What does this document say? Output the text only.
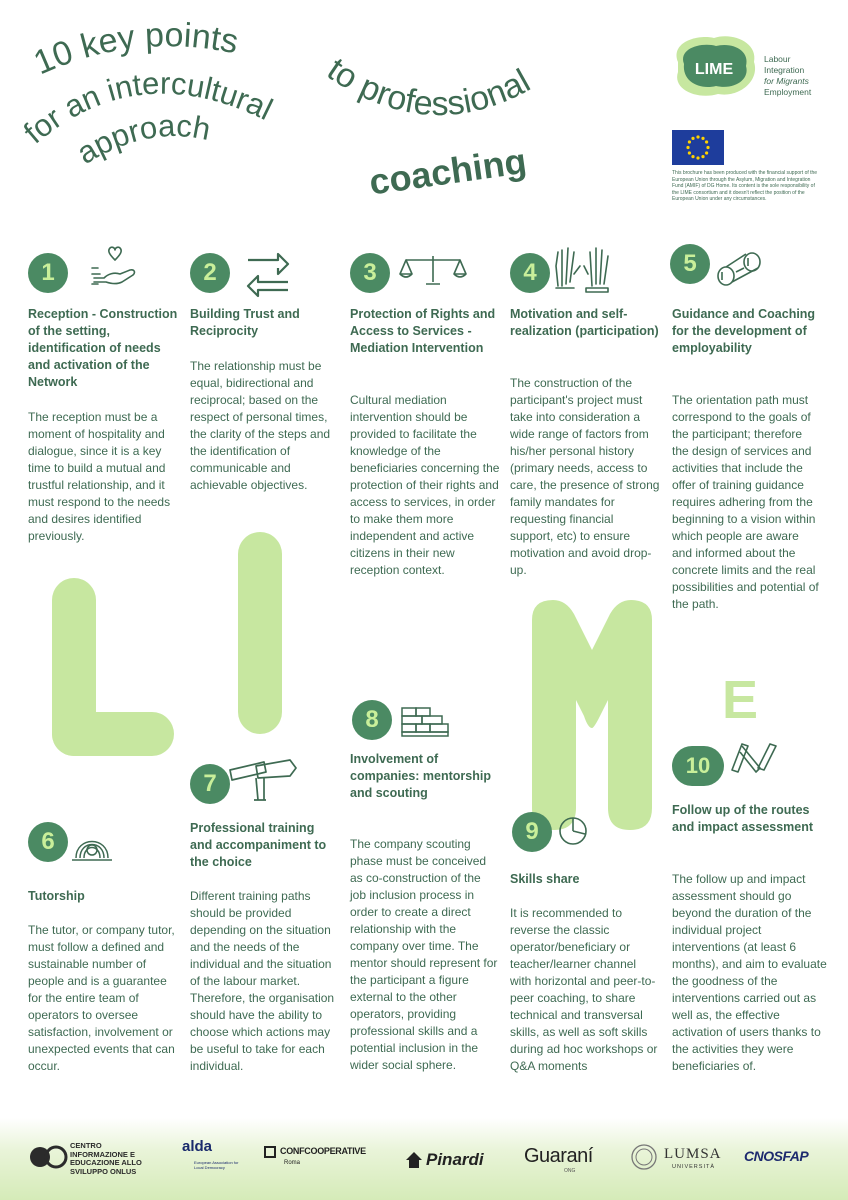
10 key points
for an intercultural
approach
to professional
coaching
LIME
Labour
Integration
for Migrants
Employment
This brochure has been produced with the financial support of the European Union through the Asylum, Migration and Integration Fund (AMIF) of DG Home. Its content is the sole responsibility of the LIME consortium and it doesn't reflect the position of the European Union under any circumstances.
E
1
Reception - Construction of the setting, identification of needs and activation of the Network
The reception must be a moment of hospitality and dialogue, since it is a key time to build a mutual and trustful relationship, and it must respond to the needs and desires identified previously.
2
Building Trust and Reciprocity
The relationship must be equal, bidirectional and reciprocal; based on the respect of personal times, the clarity of the steps and the identification of communicable and achievable objectives.
3
Protection of Rights and Access to Services - Mediation Intervention
Cultural mediation intervention should be provided to facilitate the knowledge of the beneficiaries concerning the protection of their rights and access to services, in order to make them more independent and active citizens in their new reception context.
4
Motivation and self-realization (participation)
The construction of the participant's project must take into consideration a wide range of factors from his/her personal history (primary needs, access to care, the presence of strong family mandates for requesting financial support, etc) to ensure motivation and avoid drop-up.
5
Guidance and Coaching for the development of employability
The orientation path must correspond to the goals of the participant; therefore the design of services and activities that include the offer of training guidance requires adhering from the beginning to a vision within which people are aware and informed about the concrete limits and the real possibilities and potential of the path.
6
Tutorship
The tutor, or company tutor, must follow a defined and sustainable number of people and is a guarantee for the entire team of operators to oversee satisfaction, involvement or unexpected events that can occur.
7
Professional training and accompaniment to the choice
Different training paths should be provided depending on the situation and the needs of the individual and the situation of the labour market. Therefore, the organisation should have the ability to choose which actions may be useful to take for each individual.
8
Involvement of companies: mentorship and scouting
The company scouting phase must be conceived as co-construction of the job inclusion process in order to create a direct relationship with the company over time. The mentor should represent for the participant a figure external to the other operators, providing professional skills and a potential inclusion in the wider social sphere.
9
Skills share
It is recommended to reverse the classic operator/beneficiary or teacher/learner channel with horizontal and peer-to-peer coaching, to share technical and transversal skills, as well as soft skills during ad hoc workshops or Q&A moments
10
Follow up of the routes and impact assessment
The follow up and impact assessment should go beyond the duration of the individual project interventions (at least 6 months), and aim to evaluate the goodness of the interventions carried out as well as, the effective activation of users thanks to the activities they were beneficiaries of.
CENTRO
INFORMAZIONE E
EDUCAZIONE ALLO
SVILUPPO ONLUS
alda
European Association for Local Democracy
CONFCOOPERATIVE
Roma	Pinardi Guaraní
ONG
LUMSA
UNIVERSITÀ
CNOSFAP
